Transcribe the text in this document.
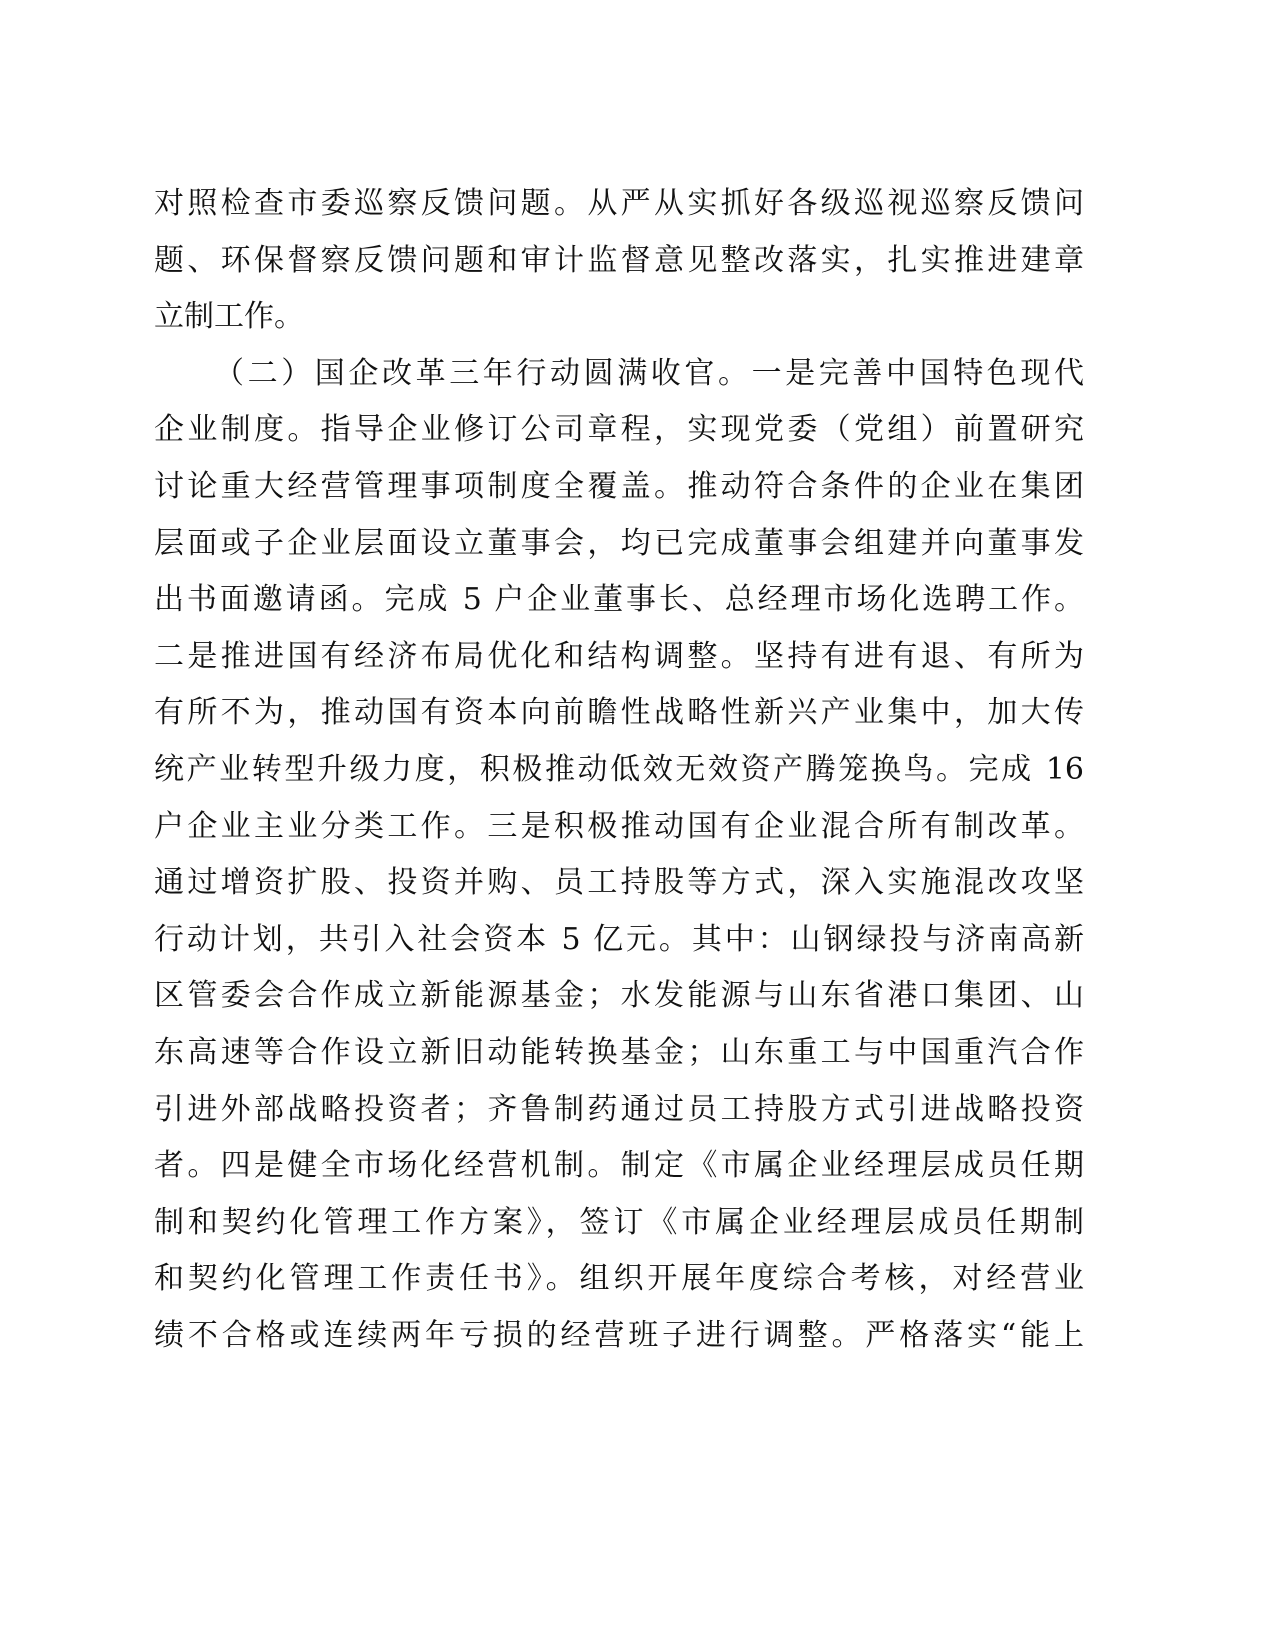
对照检查市委巡察反馈问题。从严从实抓好各级巡视巡察反馈问
题、环保督察反馈问题和审计监督意见整改落实，扎实推进建章
立制工作。
（二）国企改革三年行动圆满收官。一是完善中国特色现代
企业制度。指导企业修订公司章程，实现党委（党组）前置研究
讨论重大经营管理事项制度全覆盖。推动符合条件的企业在集团
层面或子企业层面设立董事会，均已完成董事会组建并向董事发
出书面邀请函。完成 5 户企业董事长、总经理市场化选聘工作。
二是推进国有经济布局优化和结构调整。坚持有进有退、有所为
有所不为，推动国有资本向前瞻性战略性新兴产业集中，加大传
统产业转型升级力度，积极推动低效无效资产腾笼换鸟。完成 16
户企业主业分类工作。三是积极推动国有企业混合所有制改革。
通过增资扩股、投资并购、员工持股等方式，深入实施混改攻坚
行动计划，共引入社会资本 5 亿元。其中：山钢绿投与济南高新
区管委会合作成立新能源基金；水发能源与山东省港口集团、山
东高速等合作设立新旧动能转换基金；山东重工与中国重汽合作
引进外部战略投资者；齐鲁制药通过员工持股方式引进战略投资
者。四是健全市场化经营机制。制定《市属企业经理层成员任期
制和契约化管理工作方案》，签订《市属企业经理层成员任期制
和契约化管理工作责任书》。组织开展年度综合考核，对经营业
绩不合格或连续两年亏损的经营班子进行调整。严格落实“能上
